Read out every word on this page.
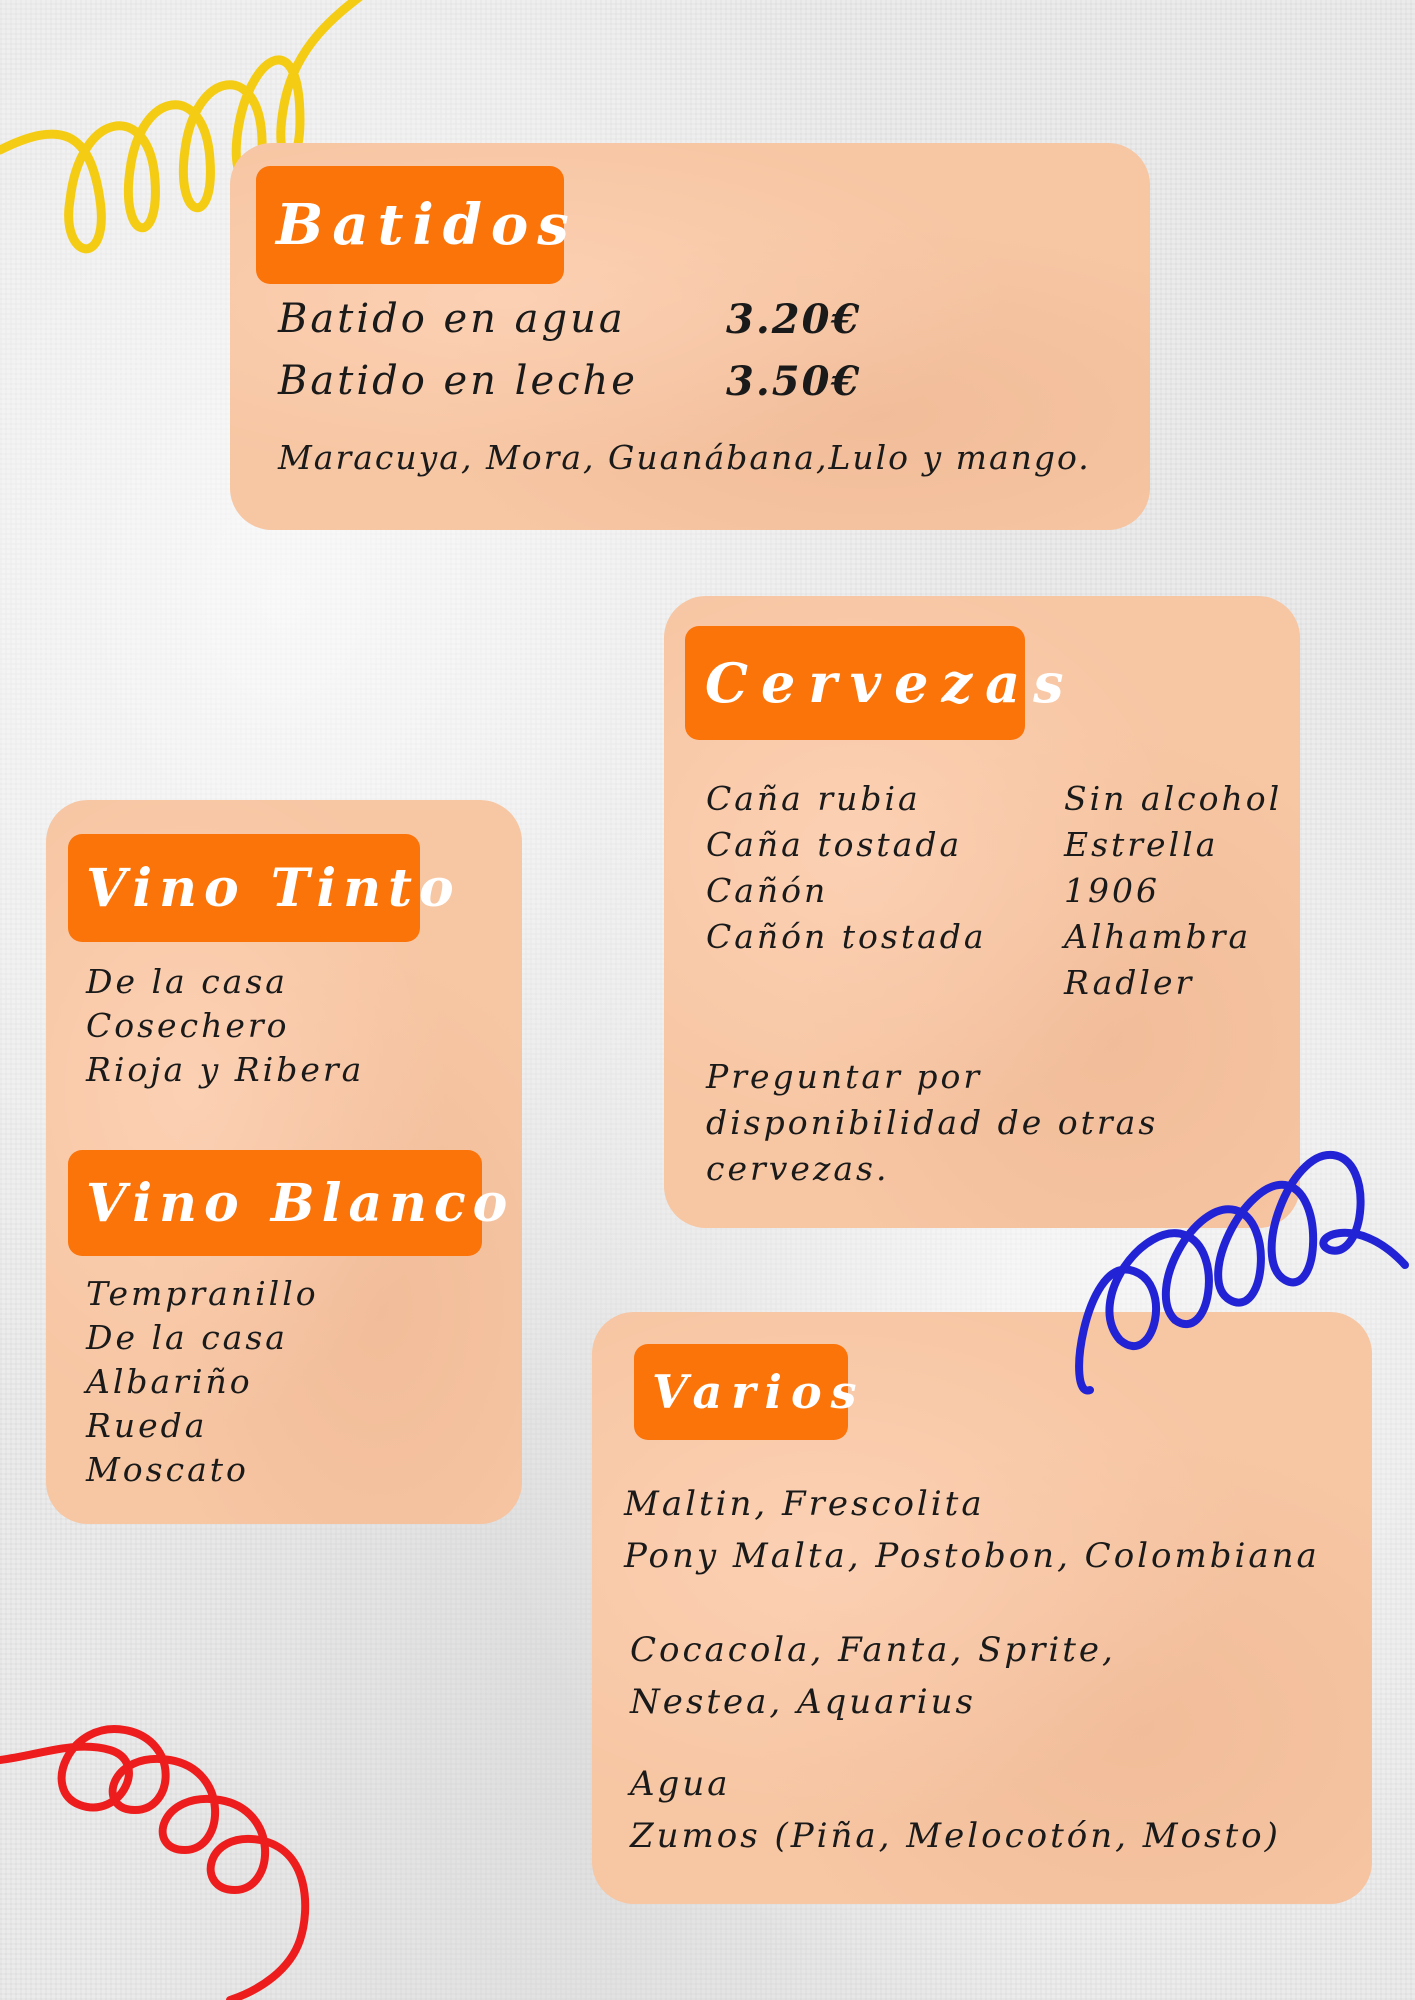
Batidos
Batido en agua	3.20€
Batido en leche 3.50€
Maracuya, Mora, Guanábana,Lulo y mango.
Cervezas
Caña rubia
Caña tostada
Cañón
Cañón tostada
Sin alcohol
Estrella
1906
Alhambra
Radler
Preguntar por
disponibilidad de otras
cervezas.
Vino Tinto
De la casa
Cosechero
Rioja y Ribera
Vino Blanco
Tempranillo
De la casa
Albariño
Rueda
Moscato
Varios
Maltin, Frescolita
Pony Malta, Postobon, Colombiana
Cocacola, Fanta, Sprite,
Nestea, Aquarius
Agua
Zumos (Piña, Melocotón, Mosto)
